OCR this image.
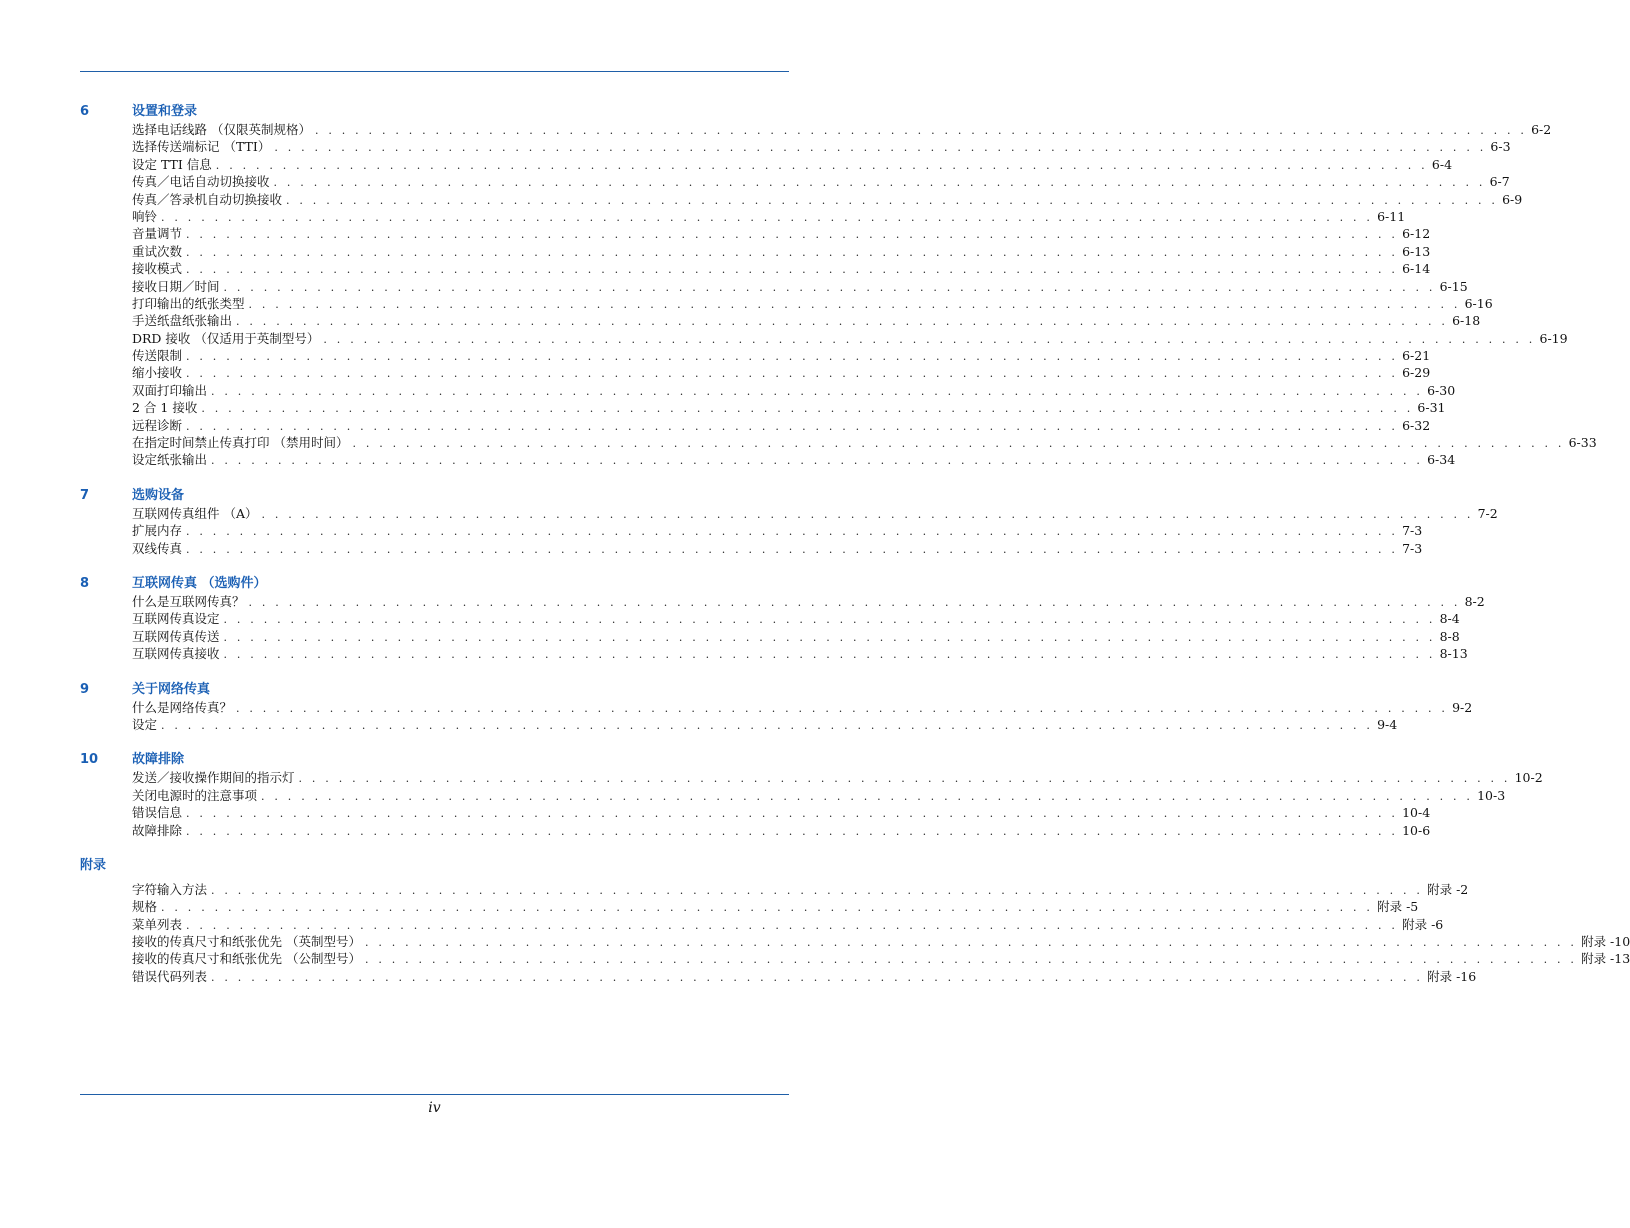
6	设置和登录
选择电话线路 （仅限英制规格） . . . . . . . . . . . . . . . . . . . . . . . . . . . . . . . . . . . . . . . . . . . . . . . . . . . . . . . . . . . . . . . . . . . . . . . . . . . . . . . . . . . . . . . . . . . 6-2
选择传送端标记 （TTI） . . . . . . . . . . . . . . . . . . . . . . . . . . . . . . . . . . . . . . . . . . . . . . . . . . . . . . . . . . . . . . . . . . . . . . . . . . . . . . . . . . . . . . . . . . . 6-3
设定 TTI 信息 . . . . . . . . . . . . . . . . . . . . . . . . . . . . . . . . . . . . . . . . . . . . . . . . . . . . . . . . . . . . . . . . . . . . . . . . . . . . . . . . . . . . . . . . . . . 6-4
传真／电话自动切换接收 . . . . . . . . . . . . . . . . . . . . . . . . . . . . . . . . . . . . . . . . . . . . . . . . . . . . . . . . . . . . . . . . . . . . . . . . . . . . . . . . . . . . . . . . . . . 6-7
传真／答录机自动切换接收 . . . . . . . . . . . . . . . . . . . . . . . . . . . . . . . . . . . . . . . . . . . . . . . . . . . . . . . . . . . . . . . . . . . . . . . . . . . . . . . . . . . . . . . . . . . 6-9
响铃 . . . . . . . . . . . . . . . . . . . . . . . . . . . . . . . . . . . . . . . . . . . . . . . . . . . . . . . . . . . . . . . . . . . . . . . . . . . . . . . . . . . . . . . . . . . 6-11
音量调节 . . . . . . . . . . . . . . . . . . . . . . . . . . . . . . . . . . . . . . . . . . . . . . . . . . . . . . . . . . . . . . . . . . . . . . . . . . . . . . . . . . . . . . . . . . . 6-12
重试次数 . . . . . . . . . . . . . . . . . . . . . . . . . . . . . . . . . . . . . . . . . . . . . . . . . . . . . . . . . . . . . . . . . . . . . . . . . . . . . . . . . . . . . . . . . . . 6-13
接收模式 . . . . . . . . . . . . . . . . . . . . . . . . . . . . . . . . . . . . . . . . . . . . . . . . . . . . . . . . . . . . . . . . . . . . . . . . . . . . . . . . . . . . . . . . . . . 6-14
接收日期／时间 . . . . . . . . . . . . . . . . . . . . . . . . . . . . . . . . . . . . . . . . . . . . . . . . . . . . . . . . . . . . . . . . . . . . . . . . . . . . . . . . . . . . . . . . . . . 6-15
打印输出的纸张类型 . . . . . . . . . . . . . . . . . . . . . . . . . . . . . . . . . . . . . . . . . . . . . . . . . . . . . . . . . . . . . . . . . . . . . . . . . . . . . . . . . . . . . . . . . . . 6-16
手送纸盘纸张输出 . . . . . . . . . . . . . . . . . . . . . . . . . . . . . . . . . . . . . . . . . . . . . . . . . . . . . . . . . . . . . . . . . . . . . . . . . . . . . . . . . . . . . . . . . . . 6-18
DRD 接收 （仅适用于英制型号） . . . . . . . . . . . . . . . . . . . . . . . . . . . . . . . . . . . . . . . . . . . . . . . . . . . . . . . . . . . . . . . . . . . . . . . . . . . . . . . . . . . . . . . . . . . 6-19
传送限制 . . . . . . . . . . . . . . . . . . . . . . . . . . . . . . . . . . . . . . . . . . . . . . . . . . . . . . . . . . . . . . . . . . . . . . . . . . . . . . . . . . . . . . . . . . . 6-21
缩小接收 . . . . . . . . . . . . . . . . . . . . . . . . . . . . . . . . . . . . . . . . . . . . . . . . . . . . . . . . . . . . . . . . . . . . . . . . . . . . . . . . . . . . . . . . . . . 6-29
双面打印输出 . . . . . . . . . . . . . . . . . . . . . . . . . . . . . . . . . . . . . . . . . . . . . . . . . . . . . . . . . . . . . . . . . . . . . . . . . . . . . . . . . . . . . . . . . . . 6-30
2 合 1 接收 . . . . . . . . . . . . . . . . . . . . . . . . . . . . . . . . . . . . . . . . . . . . . . . . . . . . . . . . . . . . . . . . . . . . . . . . . . . . . . . . . . . . . . . . . . . 6-31
远程诊断 . . . . . . . . . . . . . . . . . . . . . . . . . . . . . . . . . . . . . . . . . . . . . . . . . . . . . . . . . . . . . . . . . . . . . . . . . . . . . . . . . . . . . . . . . . . 6-32
在指定时间禁止传真打印 （禁用时间） . . . . . . . . . . . . . . . . . . . . . . . . . . . . . . . . . . . . . . . . . . . . . . . . . . . . . . . . . . . . . . . . . . . . . . . . . . . . . . . . . . . . . . . . . . . 6-33
设定纸张输出 . . . . . . . . . . . . . . . . . . . . . . . . . . . . . . . . . . . . . . . . . . . . . . . . . . . . . . . . . . . . . . . . . . . . . . . . . . . . . . . . . . . . . . . . . . . 6-34
7	选购设备
互联网传真组件 （A） . . . . . . . . . . . . . . . . . . . . . . . . . . . . . . . . . . . . . . . . . . . . . . . . . . . . . . . . . . . . . . . . . . . . . . . . . . . . . . . . . . . . . . . . . . . 7-2
扩展内存 . . . . . . . . . . . . . . . . . . . . . . . . . . . . . . . . . . . . . . . . . . . . . . . . . . . . . . . . . . . . . . . . . . . . . . . . . . . . . . . . . . . . . . . . . . . 7-3
双线传真 . . . . . . . . . . . . . . . . . . . . . . . . . . . . . . . . . . . . . . . . . . . . . . . . . . . . . . . . . . . . . . . . . . . . . . . . . . . . . . . . . . . . . . . . . . . 7-3
8	互联网传真 （选购件）
什么是互联网传真？ . . . . . . . . . . . . . . . . . . . . . . . . . . . . . . . . . . . . . . . . . . . . . . . . . . . . . . . . . . . . . . . . . . . . . . . . . . . . . . . . . . . . . . . . . . . 8-2
互联网传真设定 . . . . . . . . . . . . . . . . . . . . . . . . . . . . . . . . . . . . . . . . . . . . . . . . . . . . . . . . . . . . . . . . . . . . . . . . . . . . . . . . . . . . . . . . . . . 8-4
互联网传真传送 . . . . . . . . . . . . . . . . . . . . . . . . . . . . . . . . . . . . . . . . . . . . . . . . . . . . . . . . . . . . . . . . . . . . . . . . . . . . . . . . . . . . . . . . . . . 8-8
互联网传真接收 . . . . . . . . . . . . . . . . . . . . . . . . . . . . . . . . . . . . . . . . . . . . . . . . . . . . . . . . . . . . . . . . . . . . . . . . . . . . . . . . . . . . . . . . . . . 8-13
9	关于网络传真
什么是网络传真？ . . . . . . . . . . . . . . . . . . . . . . . . . . . . . . . . . . . . . . . . . . . . . . . . . . . . . . . . . . . . . . . . . . . . . . . . . . . . . . . . . . . . . . . . . . . 9-2
设定 . . . . . . . . . . . . . . . . . . . . . . . . . . . . . . . . . . . . . . . . . . . . . . . . . . . . . . . . . . . . . . . . . . . . . . . . . . . . . . . . . . . . . . . . . . . 9-4
10	故障排除
发送／接收操作期间的指示灯 . . . . . . . . . . . . . . . . . . . . . . . . . . . . . . . . . . . . . . . . . . . . . . . . . . . . . . . . . . . . . . . . . . . . . . . . . . . . . . . . . . . . . . . . . . . 10-2
关闭电源时的注意事项 . . . . . . . . . . . . . . . . . . . . . . . . . . . . . . . . . . . . . . . . . . . . . . . . . . . . . . . . . . . . . . . . . . . . . . . . . . . . . . . . . . . . . . . . . . . 10-3
错误信息 . . . . . . . . . . . . . . . . . . . . . . . . . . . . . . . . . . . . . . . . . . . . . . . . . . . . . . . . . . . . . . . . . . . . . . . . . . . . . . . . . . . . . . . . . . . 10-4
故障排除 . . . . . . . . . . . . . . . . . . . . . . . . . . . . . . . . . . . . . . . . . . . . . . . . . . . . . . . . . . . . . . . . . . . . . . . . . . . . . . . . . . . . . . . . . . . 10-6
附录
字符输入方法 . . . . . . . . . . . . . . . . . . . . . . . . . . . . . . . . . . . . . . . . . . . . . . . . . . . . . . . . . . . . . . . . . . . . . . . . . . . . . . . . . . . . . . . . . . . 附录 -2
规格 . . . . . . . . . . . . . . . . . . . . . . . . . . . . . . . . . . . . . . . . . . . . . . . . . . . . . . . . . . . . . . . . . . . . . . . . . . . . . . . . . . . . . . . . . . . 附录 -5
菜单列表 . . . . . . . . . . . . . . . . . . . . . . . . . . . . . . . . . . . . . . . . . . . . . . . . . . . . . . . . . . . . . . . . . . . . . . . . . . . . . . . . . . . . . . . . . . . 附录 -6
接收的传真尺寸和纸张优先 （英制型号） . . . . . . . . . . . . . . . . . . . . . . . . . . . . . . . . . . . . . . . . . . . . . . . . . . . . . . . . . . . . . . . . . . . . . . . . . . . . . . . . . . . . . . . . . . . 附录 -10
接收的传真尺寸和纸张优先 （公制型号） . . . . . . . . . . . . . . . . . . . . . . . . . . . . . . . . . . . . . . . . . . . . . . . . . . . . . . . . . . . . . . . . . . . . . . . . . . . . . . . . . . . . . . . . . . . 附录 -13
错误代码列表 . . . . . . . . . . . . . . . . . . . . . . . . . . . . . . . . . . . . . . . . . . . . . . . . . . . . . . . . . . . . . . . . . . . . . . . . . . . . . . . . . . . . . . . . . . . 附录 -16
iv
